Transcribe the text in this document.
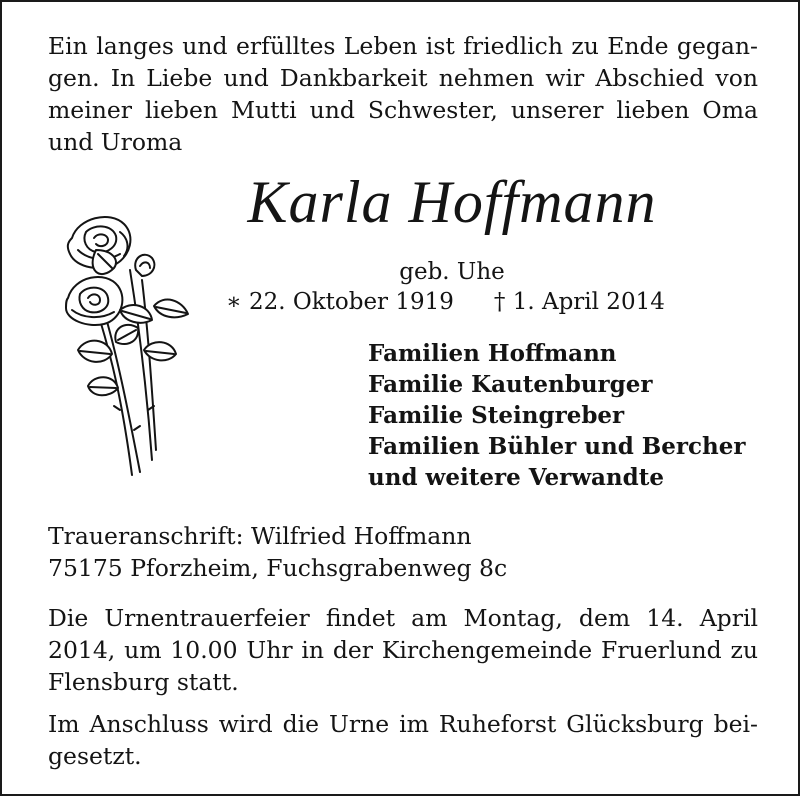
Ein langes und erfülltes Leben ist friedlich zu Ende gegan-
gen. In Liebe und Dankbarkeit nehmen wir Abschied von
meiner lieben Mutti und Schwester, unserer lieben Oma
und Uroma
Karla Hoffmann
geb. Uhe
∗ 22. Oktober 1919 † 1. April 2014
Familien Hoffmann
Familie Kautenburger
Familie Steingreber
Familien Bühler und Bercher
und weitere Verwandte
Traueranschrift: Wilfried Hoffmann
75175 Pforzheim, Fuchsgrabenweg 8c
Die Urnentrauerfeier findet am Montag, dem 14. April
2014, um 10.00 Uhr in der Kirchengemeinde Fruerlund zu
Flensburg statt.
Im Anschluss wird die Urne im Ruheforst Glücksburg bei-
gesetzt.
